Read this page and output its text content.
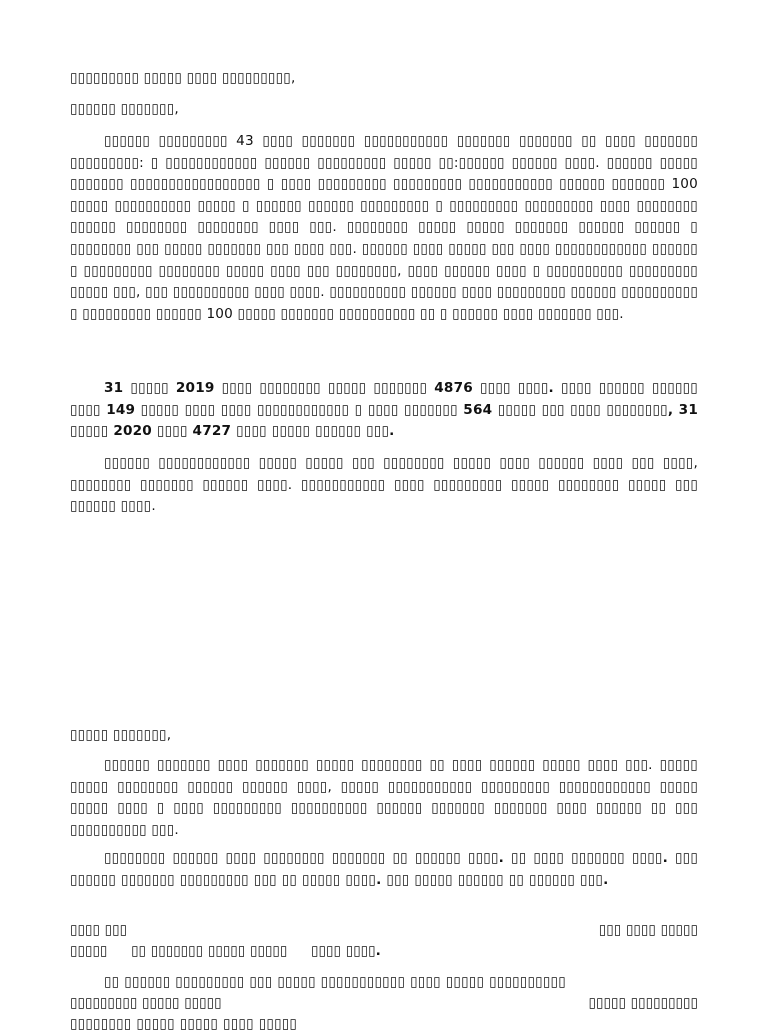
▯▯▯▯▯▯▯▯▯ ▯▯▯▯▯ ▯▯▯▯ ▯▯▯▯▯▯▯▯▯,
▯▯▯▯▯▯ ▯▯▯▯▯▯▯,
▯▯▯▯▯▯ ▯▯▯▯▯▯▯▯▯ 43 ▯▯▯▯ ▯▯▯▯▯▯▯ ▯▯▯▯▯▯▯▯▯▯▯ ▯▯▯▯▯▯▯ ▯▯▯▯▯▯▯ ▯▯ ▯▯▯▯ ▯▯▯▯▯▯▯ ▯▯▯▯▯▯▯▯▯: ▯ ▯▯▯▯▯▯▯▯▯▯▯▯ ▯▯▯▯▯▯ ▯▯▯▯▯▯▯▯▯ ▯▯▯▯▯ ▯▯:▯▯▯▯▯▯ ▯▯▯▯▯▯ ▯▯▯▯. ▯▯▯▯▯▯ ▯▯▯▯▯ ▯▯▯▯▯▯▯ ▯▯▯▯▯▯▯▯▯▯▯▯▯▯▯▯▯ ▯ ▯▯▯▯ ▯▯▯▯▯▯▯▯▯ ▯▯▯▯▯▯▯▯▯ ▯▯▯▯▯▯▯▯▯▯▯ ▯▯▯▯▯▯ ▯▯▯▯▯▯▯ 100 ▯▯▯▯▯ ▯▯▯▯▯▯▯▯▯▯ ▯▯▯▯▯ ▯ ▯▯▯▯▯▯ ▯▯▯▯▯▯ ▯▯▯▯▯▯▯▯▯ ▯ ▯▯▯▯▯▯▯▯▯ ▯▯▯▯▯▯▯▯▯ ▯▯▯▯ ▯▯▯▯▯▯▯▯ ▯▯▯▯▯▯ ▯▯▯▯▯▯▯▯ ▯▯▯▯▯▯▯▯ ▯▯▯▯ ▯▯▯. ▯▯▯▯▯▯▯▯ ▯▯▯▯▯ ▯▯▯▯▯ ▯▯▯▯▯▯▯ ▯▯▯▯▯▯ ▯▯▯▯▯▯ ▯ ▯▯▯▯▯▯▯▯ ▯▯▯ ▯▯▯▯▯ ▯▯▯▯▯▯▯ ▯▯▯ ▯▯▯▯ ▯▯▯. ▯▯▯▯▯▯ ▯▯▯▯ ▯▯▯▯▯ ▯▯▯ ▯▯▯▯ ▯▯▯▯▯▯▯▯▯▯▯▯ ▯▯▯▯▯▯ ▯ ▯▯▯▯▯▯▯▯▯ ▯▯▯▯▯▯▯▯ ▯▯▯▯▯ ▯▯▯▯ ▯▯▯ ▯▯▯▯▯▯▯▯, ▯▯▯▯ ▯▯▯▯▯▯ ▯▯▯▯ ▯ ▯▯▯▯▯▯▯▯▯▯ ▯▯▯▯▯▯▯▯▯ ▯▯▯▯▯ ▯▯▯, ▯▯▯ ▯▯▯▯▯▯▯▯▯▯ ▯▯▯▯ ▯▯▯▯. ▯▯▯▯▯▯▯▯▯▯ ▯▯▯▯▯▯ ▯▯▯▯ ▯▯▯▯▯▯▯▯▯ ▯▯▯▯▯▯ ▯▯▯▯▯▯▯▯▯▯ ▯ ▯▯▯▯▯▯▯▯▯ ▯▯▯▯▯▯ 100 ▯▯▯▯▯ ▯▯▯▯▯▯▯ ▯▯▯▯▯▯▯▯▯▯ ▯▯ ▯ ▯▯▯▯▯▯ ▯▯▯▯ ▯▯▯▯▯▯▯ ▯▯▯.
31 ▯▯▯▯▯ 2019 ▯▯▯▯ ▯▯▯▯▯▯▯▯ ▯▯▯▯▯ ▯▯▯▯▯▯▯ 4876 ▯▯▯▯ ▯▯▯▯. ▯▯▯▯ ▯▯▯▯▯▯ ▯▯▯▯▯▯ ▯▯▯▯ 149 ▯▯▯▯▯ ▯▯▯▯ ▯▯▯▯ ▯▯▯▯▯▯▯▯▯▯▯▯ ▯ ▯▯▯▯ ▯▯▯▯▯▯▯ 564 ▯▯▯▯▯ ▯▯▯ ▯▯▯▯ ▯▯▯▯▯▯▯▯, 31 ▯▯▯▯▯ 2020 ▯▯▯▯ 4727 ▯▯▯▯ ▯▯▯▯▯ ▯▯▯▯▯▯ ▯▯▯.
▯▯▯▯▯▯ ▯▯▯▯▯▯▯▯▯▯▯▯ ▯▯▯▯▯ ▯▯▯▯▯ ▯▯▯ ▯▯▯▯▯▯▯▯ ▯▯▯▯▯ ▯▯▯▯ ▯▯▯▯▯▯ ▯▯▯▯ ▯▯▯ ▯▯▯▯, ▯▯▯▯▯▯▯▯ ▯▯▯▯▯▯▯ ▯▯▯▯▯▯ ▯▯▯▯. ▯▯▯▯▯▯▯▯▯▯▯ ▯▯▯▯ ▯▯▯▯▯▯▯▯▯ ▯▯▯▯▯ ▯▯▯▯▯▯▯▯ ▯▯▯▯▯ ▯▯▯ ▯▯▯▯▯▯ ▯▯▯▯.
▯▯▯▯▯ ▯▯▯▯▯▯▯,
▯▯▯▯▯▯ ▯▯▯▯▯▯▯ ▯▯▯▯ ▯▯▯▯▯▯▯ ▯▯▯▯▯ ▯▯▯▯▯▯▯▯ ▯▯ ▯▯▯▯ ▯▯▯▯▯▯ ▯▯▯▯▯ ▯▯▯▯ ▯▯▯. ▯▯▯▯▯ ▯▯▯▯▯ ▯▯▯▯▯▯▯▯ ▯▯▯▯▯▯ ▯▯▯▯▯▯ ▯▯▯▯, ▯▯▯▯▯ ▯▯▯▯▯▯▯▯▯▯▯ ▯▯▯▯▯▯▯▯▯ ▯▯▯▯▯▯▯▯▯▯▯▯ ▯▯▯▯▯ ▯▯▯▯▯ ▯▯▯▯ ▯ ▯▯▯▯ ▯▯▯▯▯▯▯▯▯ ▯▯▯▯▯▯▯▯▯▯ ▯▯▯▯▯▯ ▯▯▯▯▯▯▯ ▯▯▯▯▯▯▯ ▯▯▯▯ ▯▯▯▯▯▯ ▯▯ ▯▯▯ ▯▯▯▯▯▯▯▯▯▯ ▯▯▯.
▯▯▯▯▯▯▯▯ ▯▯▯▯▯▯ ▯▯▯▯ ▯▯▯▯▯▯▯▯ ▯▯▯▯▯▯▯ ▯▯ ▯▯▯▯▯▯ ▯▯▯▯. ▯▯ ▯▯▯▯ ▯▯▯▯▯▯▯ ▯▯▯▯. ▯▯▯ ▯▯▯▯▯▯ ▯▯▯▯▯▯▯ ▯▯▯▯▯▯▯▯▯ ▯▯▯ ▯▯ ▯▯▯▯▯ ▯▯▯▯. ▯▯▯ ▯▯▯▯▯ ▯▯▯▯▯▯ ▯▯ ▯▯▯▯▯▯ ▯▯▯.
▯▯▯▯ ▯▯▯	▯▯▯ ▯▯▯▯ ▯▯▯▯▯
▯▯▯▯▯     ▯▯ ▯▯▯▯▯▯▯ ▯▯▯▯▯ ▯▯▯▯▯     ▯▯▯▯ ▯▯▯▯.
▯▯ ▯▯▯▯▯▯ ▯▯▯▯▯▯▯▯▯ ▯▯▯ ▯▯▯▯▯ ▯▯▯▯▯▯▯▯▯▯▯ ▯▯▯▯ ▯▯▯▯▯ ▯▯▯▯▯▯▯▯▯▯
▯▯▯▯▯▯▯▯▯ ▯▯▯▯▯ ▯▯▯▯▯	▯▯▯▯▯ ▯▯▯▯▯▯▯▯▯
▯▯▯▯▯▯▯▯ ▯▯▯▯▯ ▯▯▯▯▯ ▯▯▯▯ ▯▯▯▯▯
